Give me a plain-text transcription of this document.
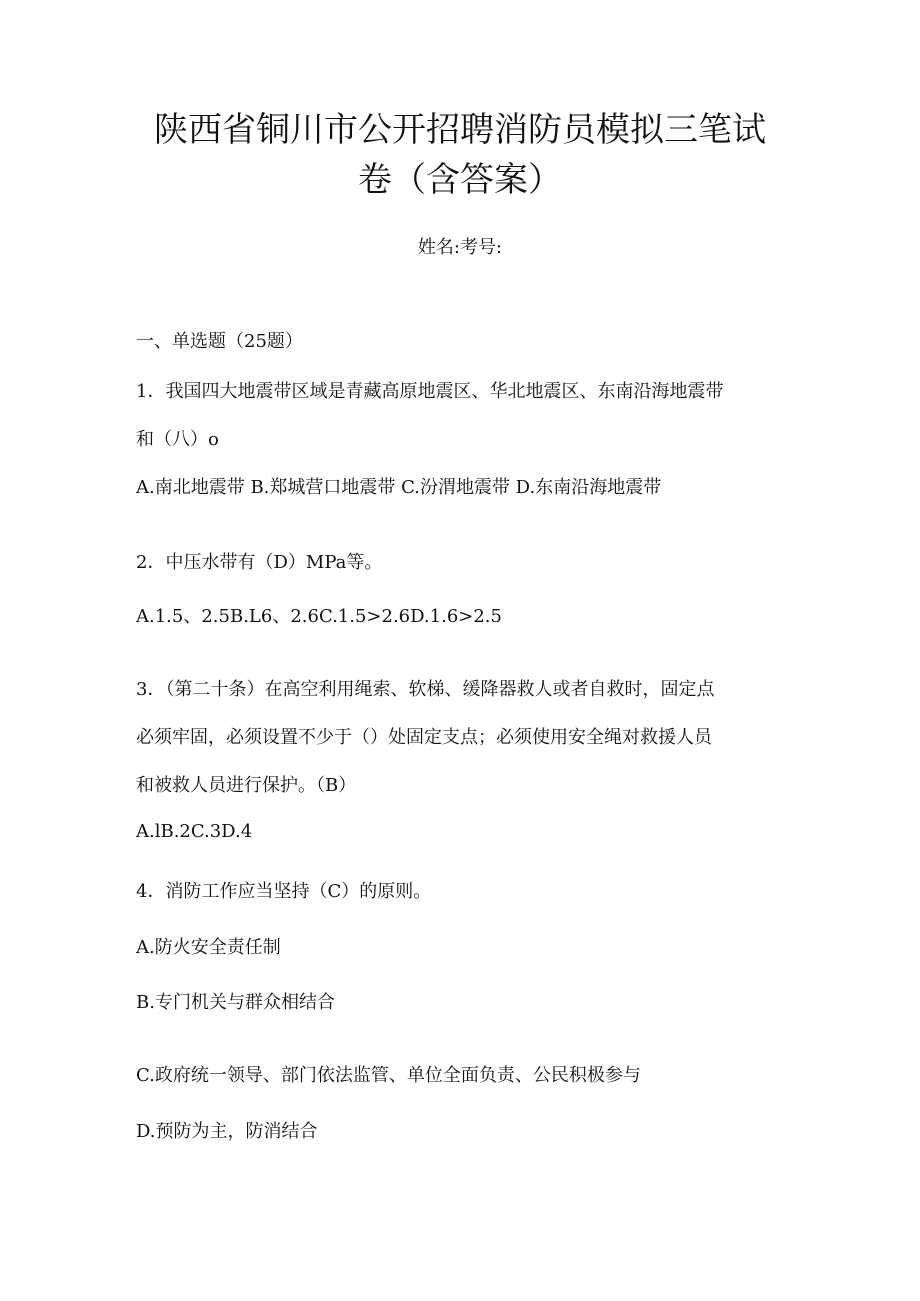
陕西省铜川市公开招聘消防员模拟三笔试
卷（含答案）
姓名:考号:
一、单选题（25题）
1．我国四大地震带区域是青藏高原地震区、华北地震区、东南沿海地震带
和（八）o
A.南北地震带 B.郑城营口地震带 C.汾渭地震带 D.东南沿海地震带
2．中压水带有（D）MPa等。
A.1.5、2.5B.L6、2.6C.1.5>2.6D.1.6>2.5
3．（第二十条）在高空利用绳索、软梯、缓降器救人或者自救时，固定点
必须牢固，必须设置不少于（）处固定支点；必须使用安全绳对救援人员
和被救人员进行保护。（B）
A.lB.2C.3D.4
4．消防工作应当坚持（C）的原则。
A.防火安全责任制
B.专门机关与群众相结合
C.政府统一领导、部门依法监管、单位全面负责、公民积极参与
D.预防为主，防消结合
